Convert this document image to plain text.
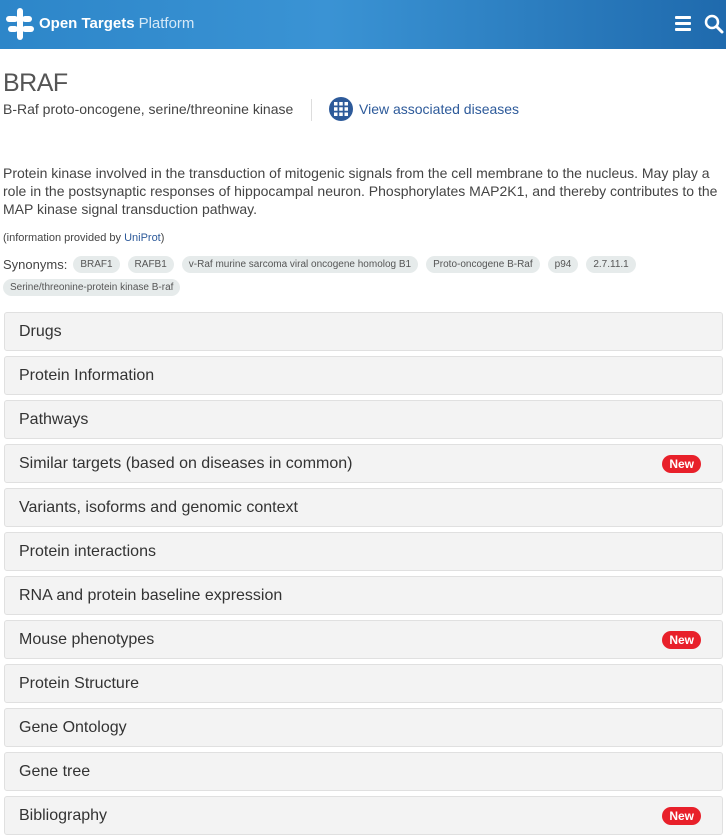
Open Targets Platform
BRAF
B-Raf proto-oncogene, serine/threonine kinase	View associated diseases
Protein kinase involved in the transduction of mitogenic signals from the cell membrane to the nucleus. May play a role in the postsynaptic responses of hippocampal neuron. Phosphorylates MAP2K1, and thereby contributes to the MAP kinase signal transduction pathway.
(information provided by UniProt)
Synonyms:	BRAF1	RAFB1	v-Raf murine sarcoma viral oncogene homolog B1	Proto-oncogene B-Raf	p94	2.7.11.1
Serine/threonine-protein kinase B-raf
Drugs
Protein Information
Pathways
Similar targets (based on diseases in common)	New
Variants, isoforms and genomic context
Protein interactions
RNA and protein baseline expression
Mouse phenotypes	New
Protein Structure
Gene Ontology
Gene tree
Bibliography	New
